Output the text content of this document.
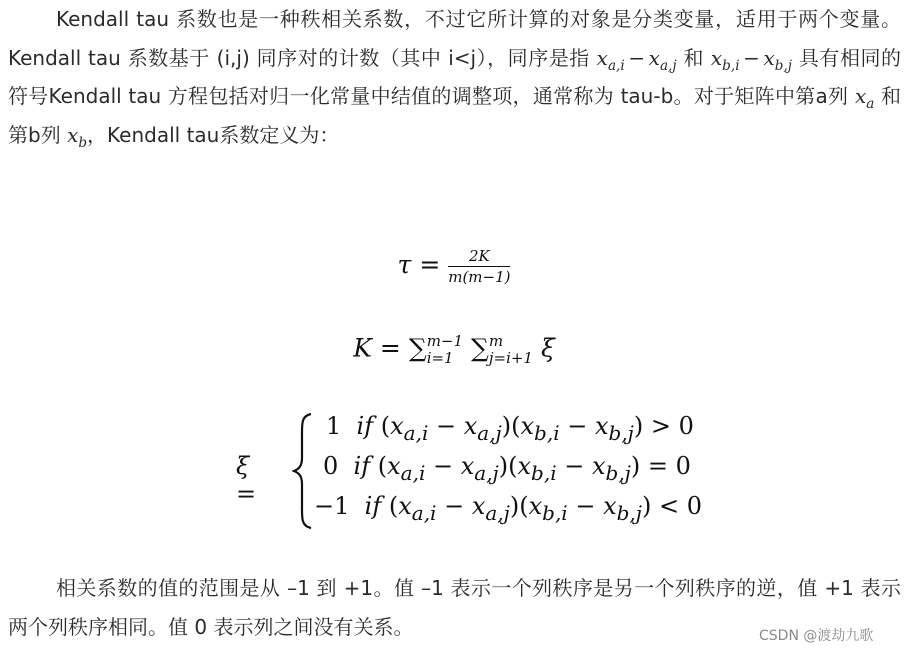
Kendall tau 系数也是一种秩相关系数，不过它所计算的对象是分类变量，适用于两个变量。Kendall tau 系数基于 (i,j) 同序对的计数（其中 i<j），同序是指 $x_{a,i} - x_{a,j}$ 和 $x_{b,i} - x_{b,j}$ 具有相同的符号Kendall tau 方程包括对归一化常量中结值的调整项，通常称为 tau-b。对于矩阵中第a列 $x_a$ 和第b列 $x_b$，Kendall tau系数定义为：

$\tau = \frac{2K}{m(m-1)}$
K = ∑m−1
i=1 ∑m
j=i+1 ξ
ξ =
1  if $(x_{a,i} - x_{a,j})(x_{b,i} - x_{b,j}) > 0$
0  if $(x_{a,i} - x_{a,j})(x_{b,i} - x_{b,j}) = 0$
−1  if $(x_{a,i} - x_{a,j})(x_{b,i} - x_{b,j}) < 0$

相关系数的值的范围是从 –1 到 +1。值 –1 表示一个列秩序是另一个列秩序的逆，值 +1 表示两个列秩序相同。值 0 表示列之间没有关系。	CSDN @渡劫九歌
